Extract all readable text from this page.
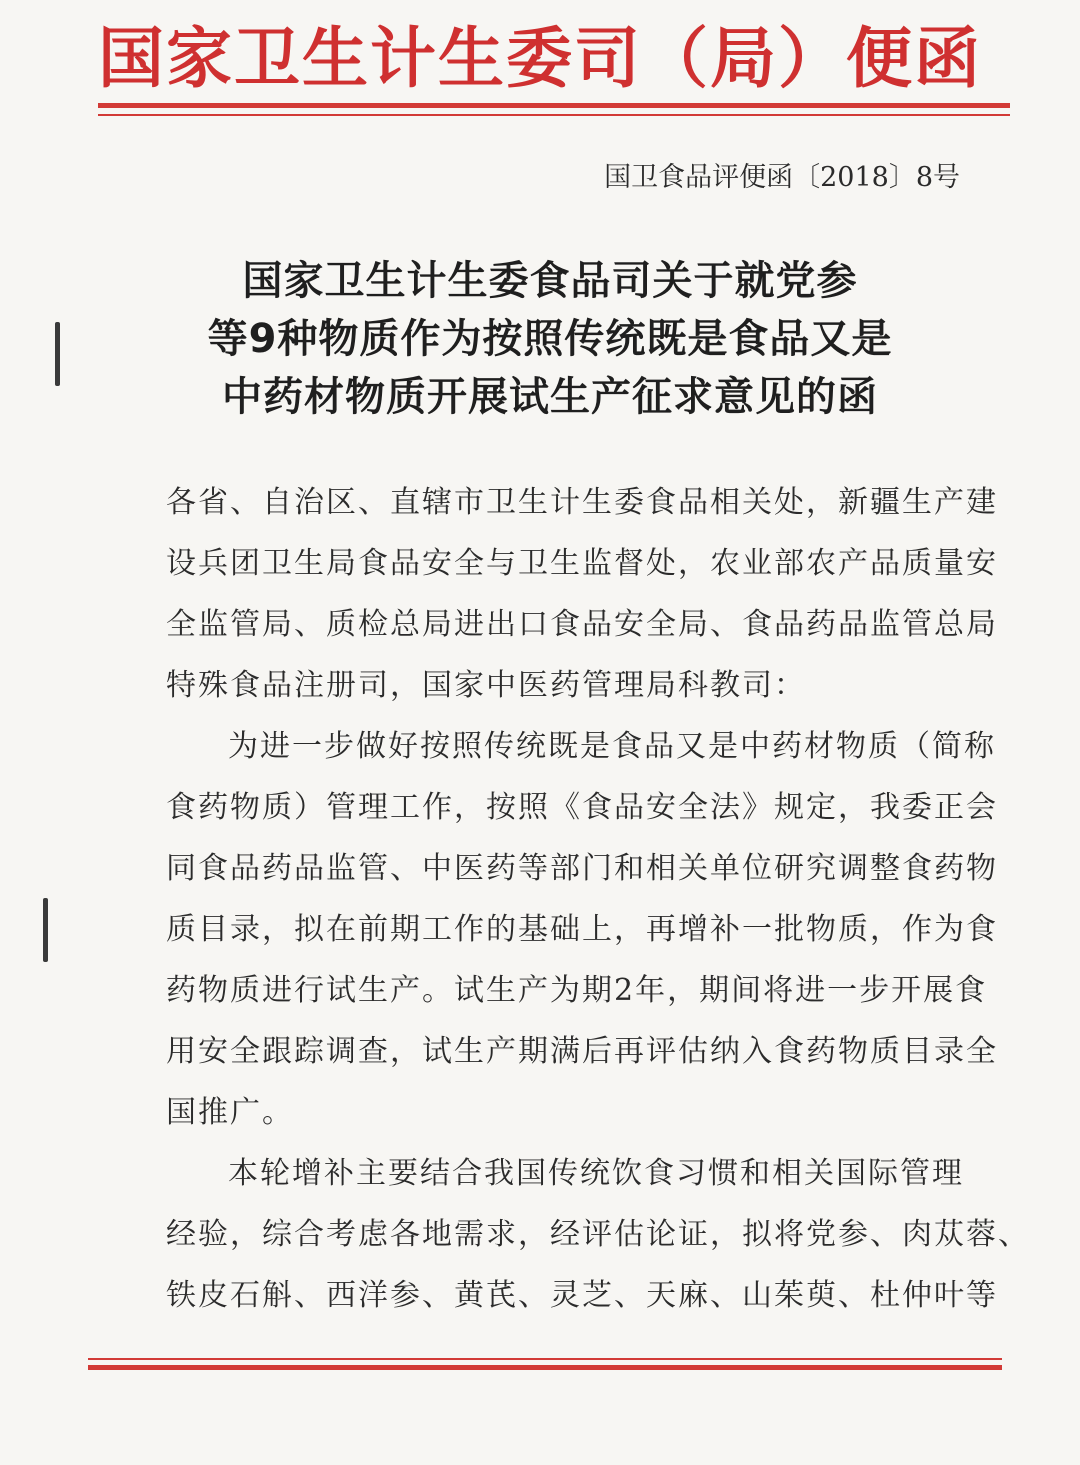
国家卫生计生委司（局）便函
国卫食品评便函〔2018〕8号
国家卫生计生委食品司关于就党参
等9种物质作为按照传统既是食品又是
中药材物质开展试生产征求意见的函
各省、自治区、直辖市卫生计生委食品相关处，新疆生产建
设兵团卫生局食品安全与卫生监督处，农业部农产品质量安
全监管局、质检总局进出口食品安全局、食品药品监管总局
特殊食品注册司，国家中医药管理局科教司：
为进一步做好按照传统既是食品又是中药材物质（简称
食药物质）管理工作，按照《食品安全法》规定，我委正会
同食品药品监管、中医药等部门和相关单位研究调整食药物
质目录，拟在前期工作的基础上，再增补一批物质，作为食
药物质进行试生产。试生产为期2年，期间将进一步开展食
用安全跟踪调查，试生产期满后再评估纳入食药物质目录全
国推广。
本轮增补主要结合我国传统饮食习惯和相关国际管理
经验，综合考虑各地需求，经评估论证，拟将党参、肉苁蓉、
铁皮石斛、西洋参、黄芪、灵芝、天麻、山茱萸、杜仲叶等
